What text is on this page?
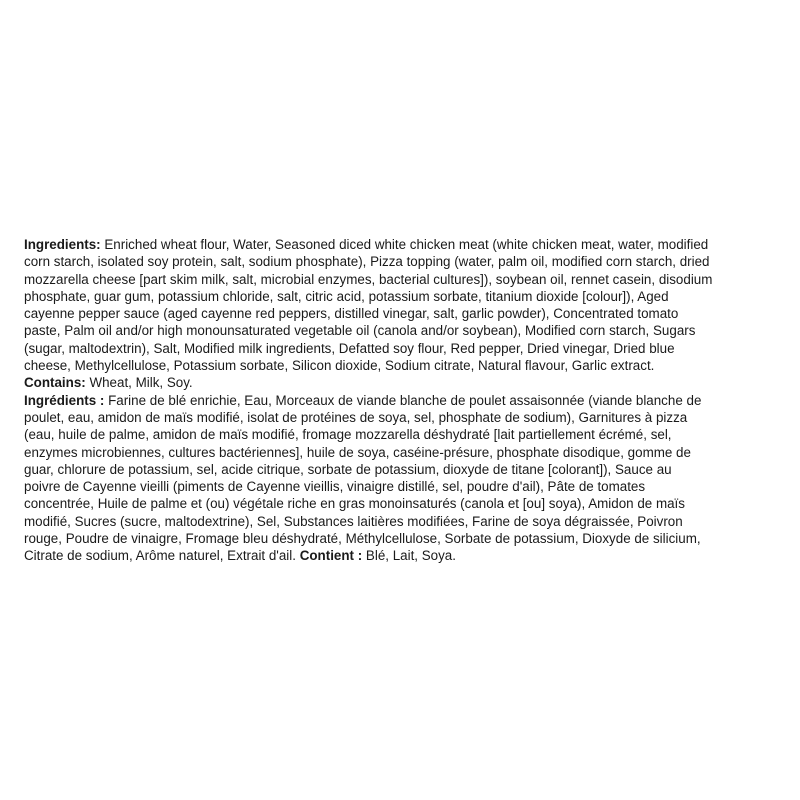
Ingredients: Enriched wheat flour, Water, Seasoned diced white chicken meat (white chicken meat, water, modified
corn starch, isolated soy protein, salt, sodium phosphate), Pizza topping (water, palm oil, modified corn starch, dried
mozzarella cheese [part skim milk, salt, microbial enzymes, bacterial cultures]), soybean oil, rennet casein, disodium
phosphate, guar gum, potassium chloride, salt, citric acid, potassium sorbate, titanium dioxide [colour]), Aged
cayenne pepper sauce (aged cayenne red peppers, distilled vinegar, salt, garlic powder), Concentrated tomato
paste, Palm oil and/or high monounsaturated vegetable oil (canola and/or soybean), Modified corn starch, Sugars
(sugar, maltodextrin), Salt, Modified milk ingredients, Defatted soy flour, Red pepper, Dried vinegar, Dried blue
cheese, Methylcellulose, Potassium sorbate, Silicon dioxide, Sodium citrate, Natural flavour, Garlic extract.
Contains: Wheat, Milk, Soy.
Ingrédients : Farine de blé enrichie, Eau, Morceaux de viande blanche de poulet assaisonnée (viande blanche de
poulet, eau, amidon de maïs modifié, isolat de protéines de soya, sel, phosphate de sodium), Garnitures à pizza
(eau, huile de palme, amidon de maïs modifié, fromage mozzarella déshydraté [lait partiellement écrémé, sel,
enzymes microbiennes, cultures bactériennes], huile de soya, caséine-présure, phosphate disodique, gomme de
guar, chlorure de potassium, sel, acide citrique, sorbate de potassium, dioxyde de titane [colorant]), Sauce au
poivre de Cayenne vieilli (piments de Cayenne vieillis, vinaigre distillé, sel, poudre d'ail), Pâte de tomates
concentrée, Huile de palme et (ou) végétale riche en gras monoinsaturés (canola et [ou] soya), Amidon de maïs
modifié, Sucres (sucre, maltodextrine), Sel, Substances laitières modifiées, Farine de soya dégraissée, Poivron
rouge, Poudre de vinaigre, Fromage bleu déshydraté, Méthylcellulose, Sorbate de potassium, Dioxyde de silicium,
Citrate de sodium, Arôme naturel, Extrait d'ail. Contient : Blé, Lait, Soya.
